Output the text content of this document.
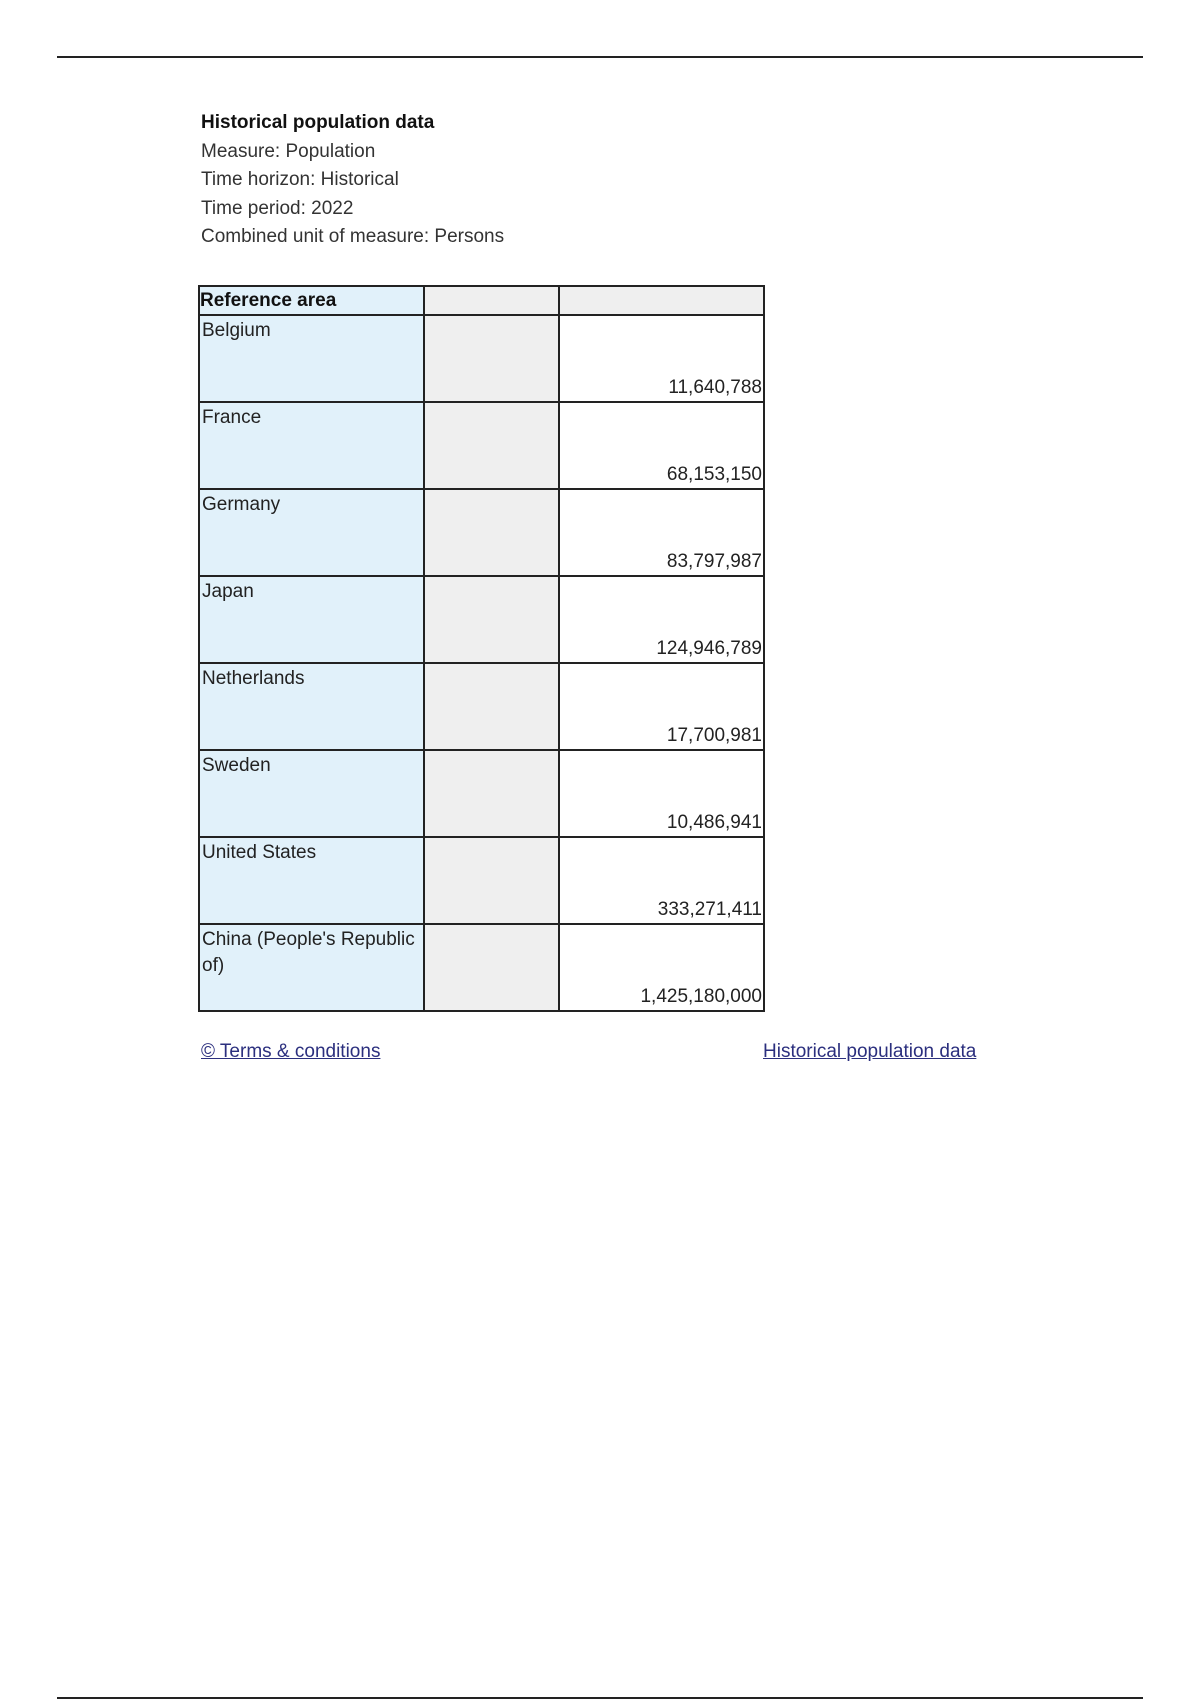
Historical population data
Measure: Population
Time horizon: Historical
Time period: 2022
Combined unit of measure: Persons
Reference area		
Belgium		11,640,788
France		68,153,150
Germany		83,797,987
Japan		124,946,789
Netherlands		17,700,981
Sweden		10,486,941
United States		333,271,411
China (People's Republic of)		1,425,180,000
© Terms & conditions	Historical population data
